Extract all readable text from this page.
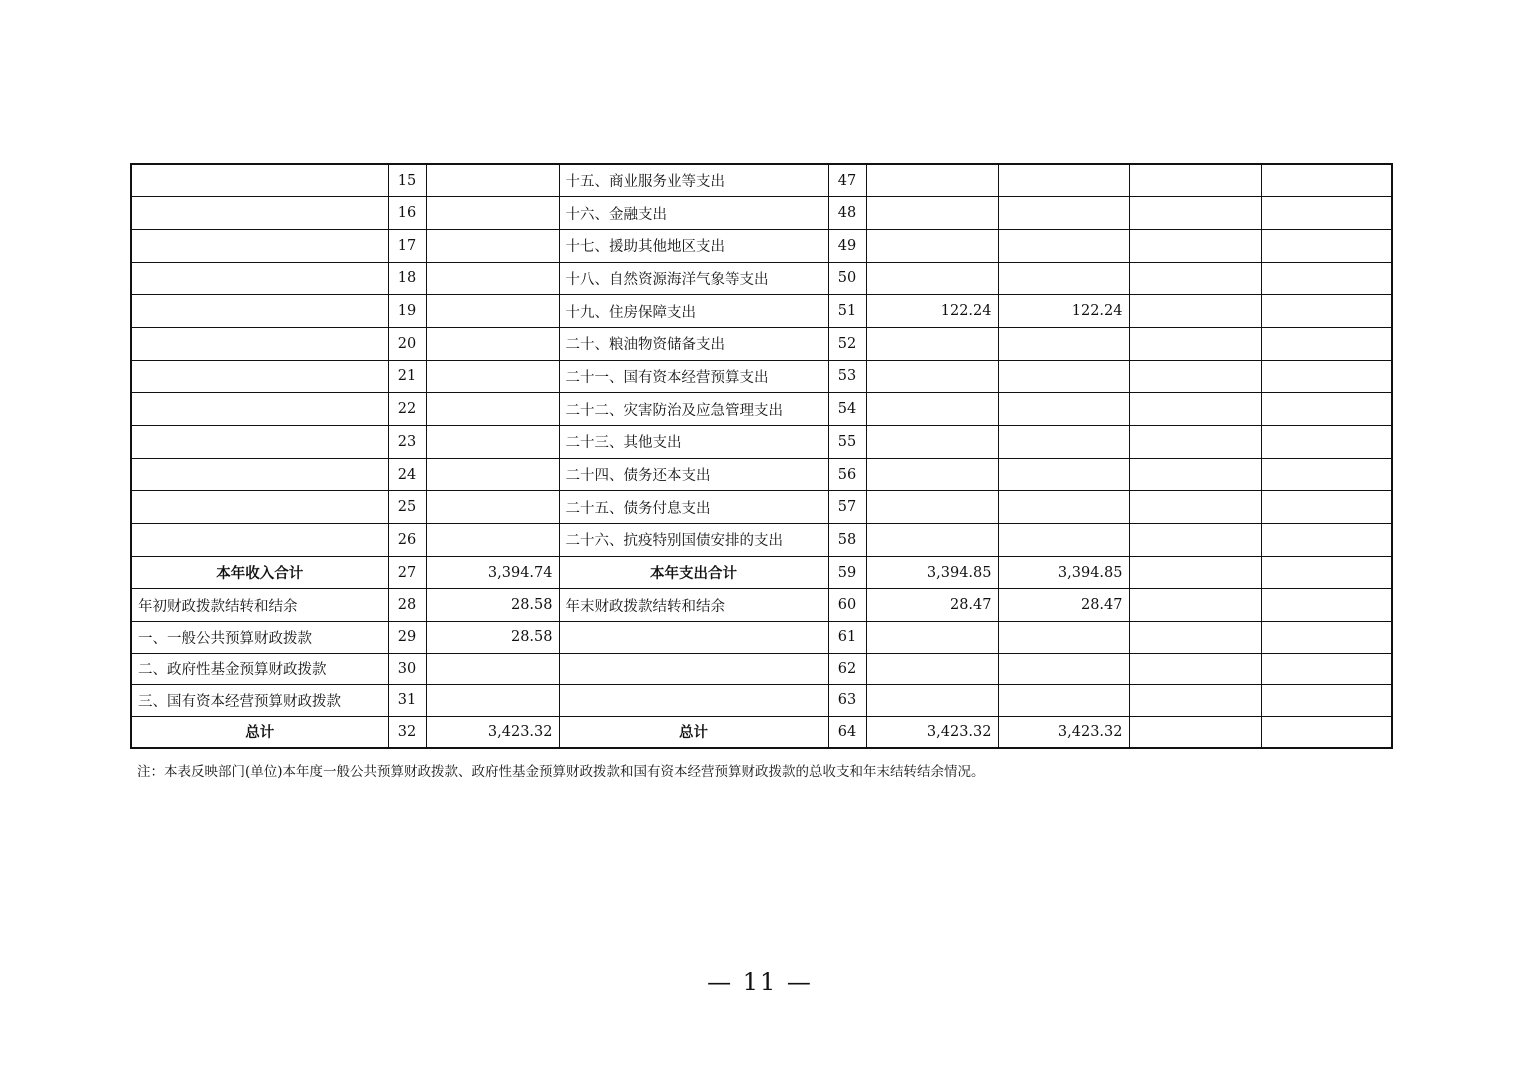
	15		十五、商业服务业等支出	47				
	16		十六、金融支出	48				
	17		十七、援助其他地区支出	49				
	18		十八、自然资源海洋气象等支出	50				
	19		十九、住房保障支出	51	122.24	122.24		
	20		二十、粮油物资储备支出	52				
	21		二十一、国有资本经营预算支出	53				
	22		二十二、灾害防治及应急管理支出	54				
	23		二十三、其他支出	55				
	24		二十四、债务还本支出	56				
	25		二十五、债务付息支出	57				
	26		二十六、抗疫特别国债安排的支出	58				
本年收入合计	27	3,394.74	本年支出合计	59	3,394.85	3,394.85		
年初财政拨款结转和结余	28	28.58	年末财政拨款结转和结余	60	28.47	28.47		
一、一般公共预算财政拨款	29	28.58		61				
二、政府性基金预算财政拨款	30			62				
三、国有资本经营预算财政拨款	31			63				
总计	32	3,423.32	总计	64	3,423.32	3,423.32		
注：本表反映部门(单位)本年度一般公共预算财政拨款、政府性基金预算财政拨款和国有资本经营预算财政拨款的总收支和年末结转结余情况。
— 11 —
